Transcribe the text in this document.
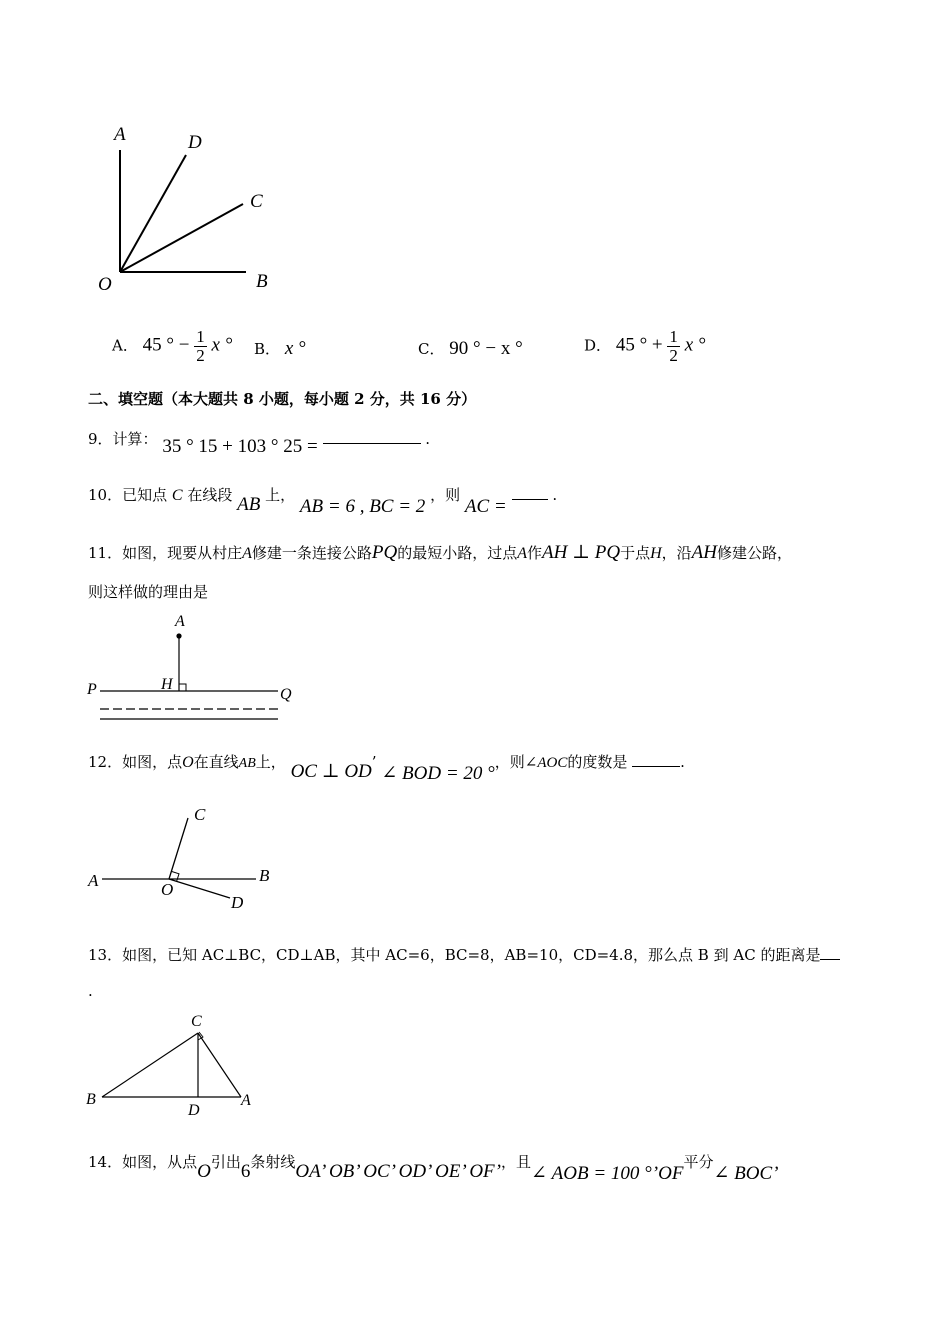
A	D
C
O	B
A． 45 ° − $\frac{1}{2}$ x ° B． x °	C． 90 ° − x °	D． 45 ° + $\frac{1}{2}$ x °
二、填空题（本大题共 8 小题，每小题 2 分，共 16 分）
9．计算： 35 ° 15 + 103 ° 25 =	.
10．已知点 C 在线段 AB 上， AB = 6 , BC = 2 ，则 AC =  .
11．如图，现要从村庄A修建一条连接公路PQ的最短小路，过点A作AH ⊥ PQ于点H，沿AH修建公路，
则这样做的理由是
A
H
P	Q
12．如图，点O在直线AB上， OC ⊥ OD’ ∠ BOD = 20 °，则∠AOC的度数是	.
C
A	O
B
D
13．如图，已知 AC⊥BC，CD⊥AB，其中 AC=6，BC=8，AB=10，CD=4.8，那么点 B 到 AC 的距离是
.
C
B
D
A
14．如图，从点O引出6条射线OA’ OB’ OC’ OD’ OE’ OF’，且∠ AOB = 100 °’OF平分∠ BOC’
